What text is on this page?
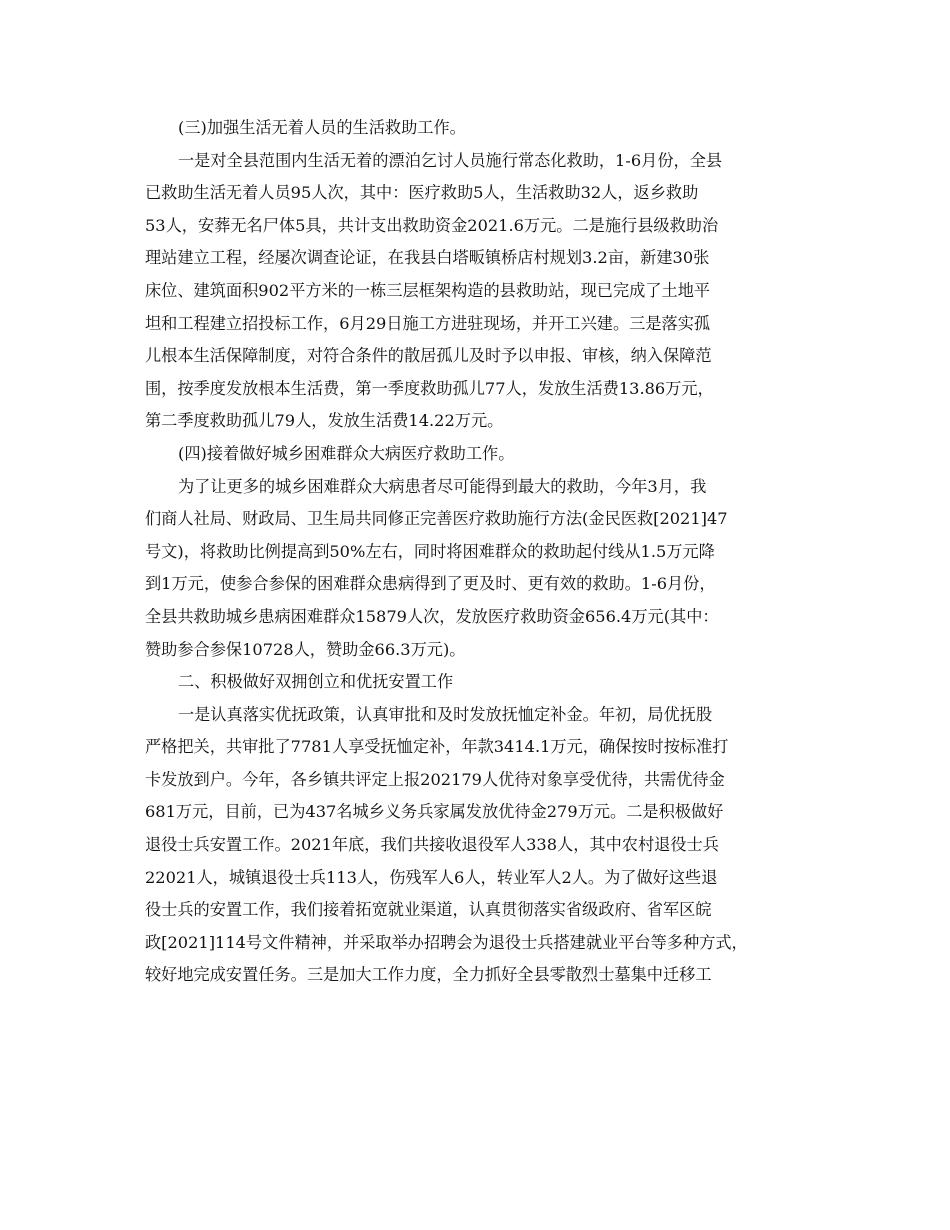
(三)加强生活无着人员的生活救助工作。
一是对全县范围内生活无着的漂泊乞讨人员施行常态化救助，1-6月份，全县
已救助生活无着人员95人次，其中：医疗救助5人，生活救助32人，返乡救助
53人，安葬无名尸体5具，共计支出救助资金2021.6万元。二是施行县级救助治
理站建立工程，经屡次调查论证，在我县白塔畈镇桥店村规划3.2亩，新建30张
床位、建筑面积902平方米的一栋三层框架构造的县救助站，现已完成了土地平
坦和工程建立招投标工作，6月29日施工方进驻现场，并开工兴建。三是落实孤
儿根本生活保障制度，对符合条件的散居孤儿及时予以申报、审核，纳入保障范
围，按季度发放根本生活费，第一季度救助孤儿77人，发放生活费13.86万元，
第二季度救助孤儿79人，发放生活费14.22万元。
(四)接着做好城乡困难群众大病医疗救助工作。
为了让更多的城乡困难群众大病患者尽可能得到最大的救助，今年3月，我
们商人社局、财政局、卫生局共同修正完善医疗救助施行方法(金民医救[2021]47
号文)，将救助比例提高到50%左右，同时将困难群众的救助起付线从1.5万元降
到1万元，使参合参保的困难群众患病得到了更及时、更有效的救助。1-6月份，
全县共救助城乡患病困难群众15879人次，发放医疗救助资金656.4万元(其中：
赞助参合参保10728人，赞助金66.3万元)。
二、积极做好双拥创立和优抚安置工作
一是认真落实优抚政策，认真审批和及时发放抚恤定补金。年初，局优抚股
严格把关，共审批了7781人享受抚恤定补，年款3414.1万元，确保按时按标准打
卡发放到户。今年，各乡镇共评定上报202179人优待对象享受优待，共需优待金
681万元，目前，已为437名城乡义务兵家属发放优待金279万元。二是积极做好
退役士兵安置工作。2021年底，我们共接收退役军人338人，其中农村退役士兵
22021人，城镇退役士兵113人，伤残军人6人，转业军人2人。为了做好这些退
役士兵的安置工作，我们接着拓宽就业渠道，认真贯彻落实省级政府、省军区皖
政[2021]114号文件精神，并采取举办招聘会为退役士兵搭建就业平台等多种方式，
较好地完成安置任务。三是加大工作力度，全力抓好全县零散烈士墓集中迁移工
